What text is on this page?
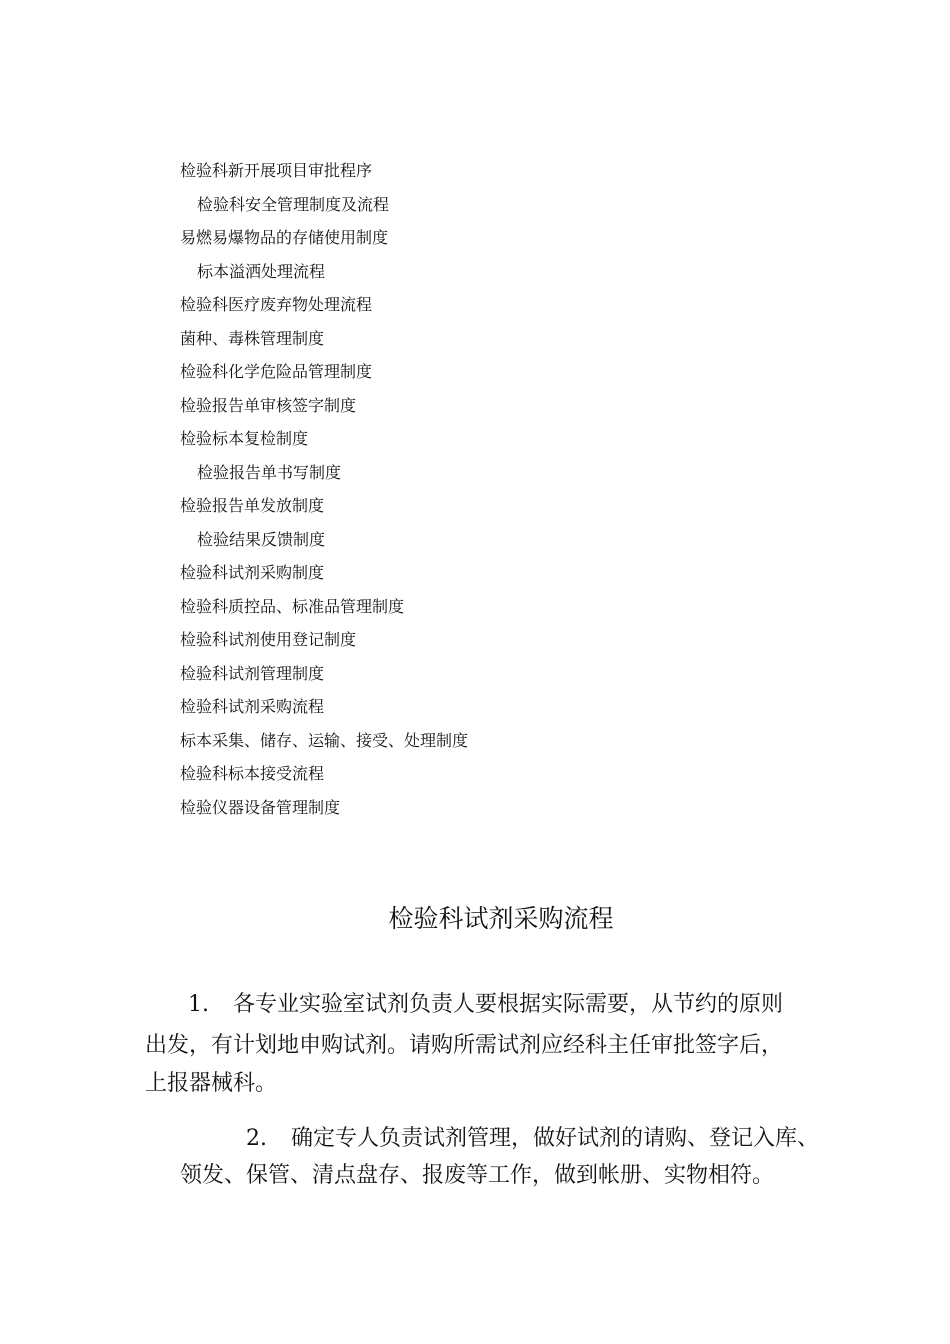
检验科新开展项目审批程序
检验科安全管理制度及流程
易燃易爆物品的存储使用制度
标本溢洒处理流程
检验科医疗废弃物处理流程
菌种、毒株管理制度
检验科化学危险品管理制度
检验报告单审核签字制度
检验标本复检制度
检验报告单书写制度
检验报告单发放制度
检验结果反馈制度
检验科试剂采购制度
检验科质控品、标准品管理制度
检验科试剂使用登记制度
检验科试剂管理制度
检验科试剂采购流程
标本采集、储存、运输、接受、处理制度
检验科标本接受流程
检验仪器设备管理制度
检验科试剂采购流程
1. 各专业实验室试剂负责人要根据实际需要，从节约的原则
出发，有计划地申购试剂。请购所需试剂应经科主任审批签字后，
上报器械科。
2. 确定专人负责试剂管理，做好试剂的请购、登记入库、
领发、保管、清点盘存、报废等工作，做到帐册、实物相符。
